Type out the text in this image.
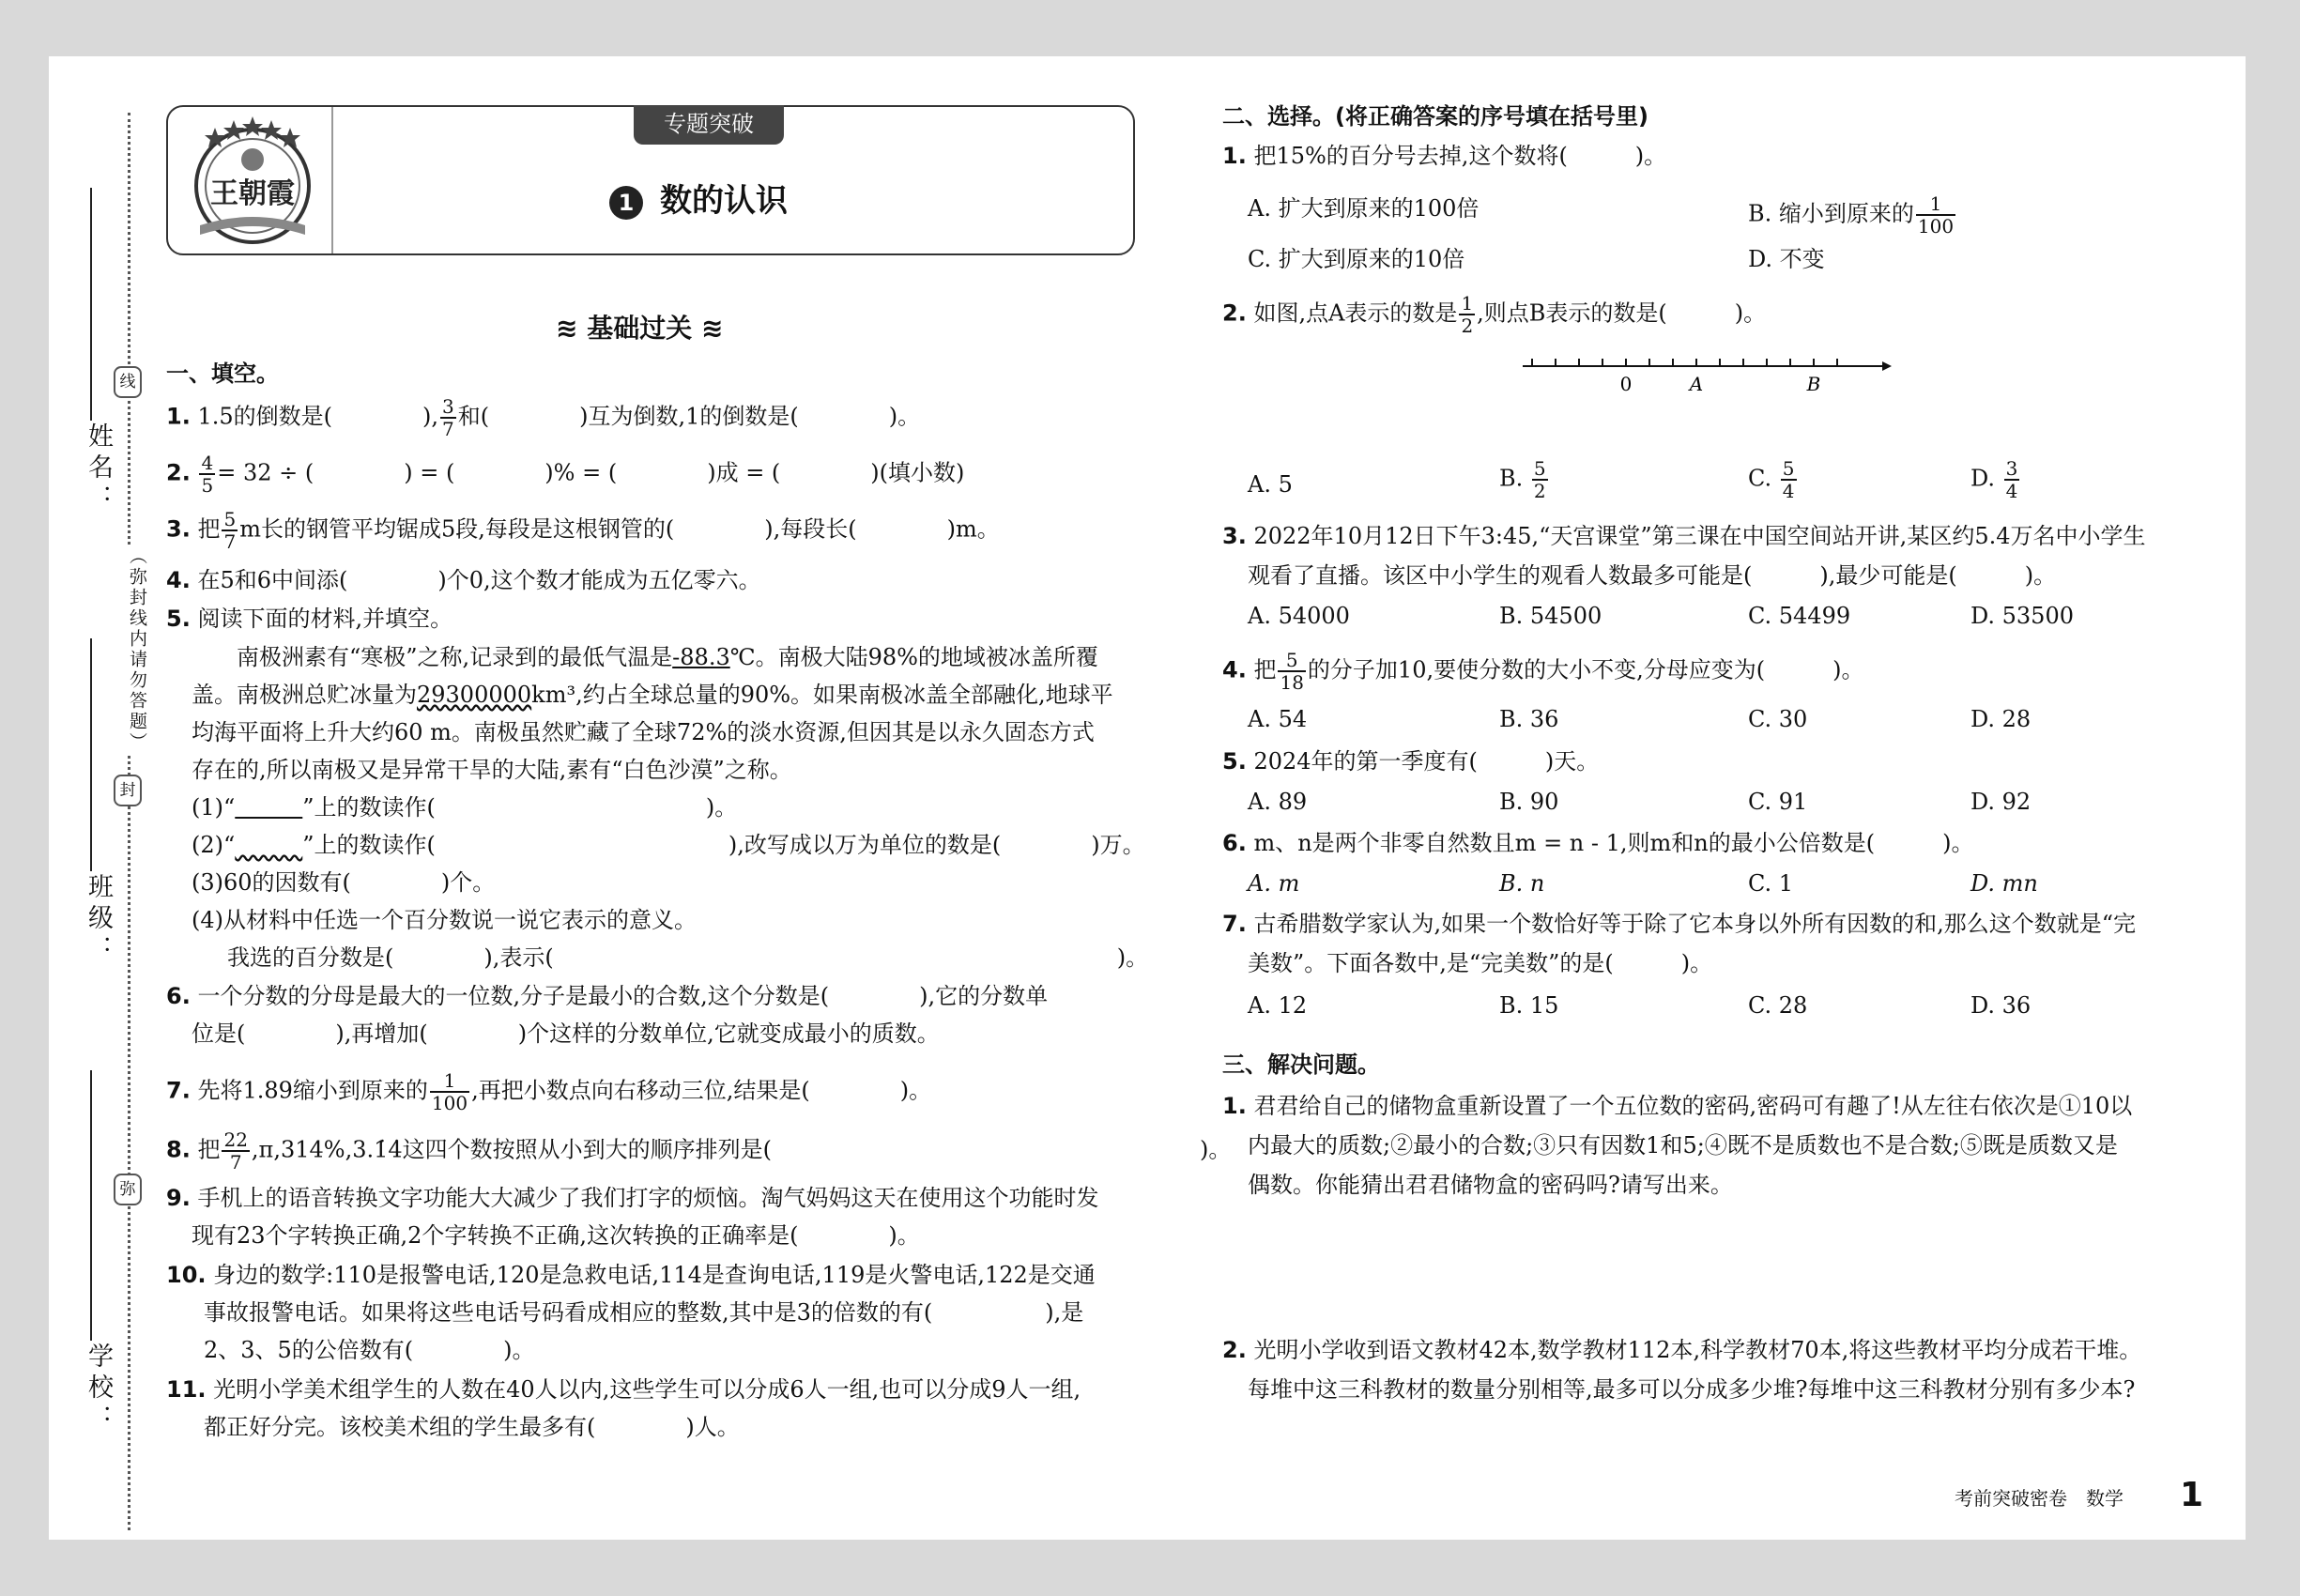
姓名：
班级：
学校：
线
（弥封线内请勿答题）
封
弥
王朝霞
专题突破
1 数的认识
≋ 基础过关 ≋
一、填空。
1. 1.5的倒数是(　　　　), $\frac{3}{7}$ 和(　　　　)互为倒数,1的倒数是(　　　　)。
2. $\frac{4}{5} = 32$ ÷ (　　　　) = (　　　　)% = (　　　　)成 = (　　　　)(填小数)
3. 把 $\frac{5}{7}$ m长的钢管平均锯成5段,每段是这根钢管的(　　　　),每段长(　　　　)m。
4. 在5和6中间添(　　　　)个0,这个数才能成为五亿零六。
5. 阅读下面的材料,并填空。
南极洲素有“寒极”之称,记录到的最低气温是-88.3℃。南极大陆98%的地域被冰盖所覆
盖。南极洲总贮冰量为29300000km³,约占全球总量的90%。如果南极冰盖全部融化,地球平
均海平面将上升大约60 m。南极虽然贮藏了全球72%的淡水资源,但因其是以永久固态方式
存在的,所以南极又是异常干旱的大陆,素有“白色沙漠”之称。
(1)“　　　	”上的数读作(　　　　　　　　　　　　)。
(2)“　　　	”上的数读作(　　　　　　　　　　　　　),改写成以万为单位的数是(　　　　)万。
(3)60的因数有(　　　　)个。
(4)从材料中任选一个百分数说一说它表示的意义。
我选的百分数是(　　　　),表示(　　　　　　　　　　　　　　　　　　　　　　　　　)。
6. 一个分数的分母是最大的一位数,分子是最小的合数,这个分数是(　　　　),它的分数单
位是(　　　　),再增加(　　　　)个这样的分数单位,它就变成最小的质数。
7. 先将1.89缩小到原来的 $\frac{1}{100}$ ,再把小数点向右移动三位,结果是(　　　　)。
8. 把 $\frac{22}{7}$ ,π,314%,3.1̇4̇这四个数按照从小到大的顺序排列是(　　　　　　　　　　　　　　　　　　　)。
9. 手机上的语音转换文字功能大大减少了我们打字的烦恼。淘气妈妈这天在使用这个功能时发
现有23个字转换正确,2个字转换不正确,这次转换的正确率是(　　　　)。
10. 身边的数学:110是报警电话,120是急救电话,114是查询电话,119是火警电话,122是交通
事故报警电话。如果将这些电话号码看成相应的整数,其中是3的倍数的有(　　　　　),是
2、3、5的公倍数有(　　　　)。
11. 光明小学美术组学生的人数在40人以内,这些学生可以分成6人一组,也可以分成9人一组,
都正好分完。该校美术组的学生最多有(　　　　)人。
二、选择。(将正确答案的序号填在括号里)
1. 把15%的百分号去掉,这个数将(　　　)。
A. 扩大到原来的100倍	B. 缩小到原来的 $\frac{1}{100}$
C. 扩大到原来的10倍	D. 不变
2. 如图,点A表示的数是 $\frac{1}{2}$ ,则点B表示的数是(　　　)。
0	A	B
A. 5	B. $\frac{5}{2}$	C. $\frac{5}{4}$	D. $\frac{3}{4}$
3. 2022年10月12日下午3:45,“天宫课堂”第三课在中国空间站开讲,某区约5.4万名中小学生
观看了直播。该区中小学生的观看人数最多可能是(　　　),最少可能是(　　　)。
A. 54000	B. 54500	C. 54499	D. 53500
4. 把 $\frac{5}{18}$ 的分子加10,要使分数的大小不变,分母应变为(　　　)。
A. 54	B. 36	C. 30	D. 28
5. 2024年的第一季度有(　　　)天。
A. 89	B. 90	C. 91	D. 92
6. m、n是两个非零自然数且m = n - 1,则m和n的最小公倍数是(　　　)。
A. m	B. n	C. 1	D. mn
7. 古希腊数学家认为,如果一个数恰好等于除了它本身以外所有因数的和,那么这个数就是“完
美数”。下面各数中,是“完美数”的是(　　　)。
A. 12	B. 15	C. 28	D. 36
三、解决问题。
1. 君君给自己的储物盒重新设置了一个五位数的密码,密码可有趣了!从左往右依次是①10以
内最大的质数;②最小的合数;③只有因数1和5;④既不是质数也不是合数;⑤既是质数又是
偶数。你能猜出君君储物盒的密码吗?请写出来。
2. 光明小学收到语文教材42本,数学教材112本,科学教材70本,将这些教材平均分成若干堆。
每堆中这三科教材的数量分别相等,最多可以分成多少堆?每堆中这三科教材分别有多少本?
考前突破密卷　数学 1
